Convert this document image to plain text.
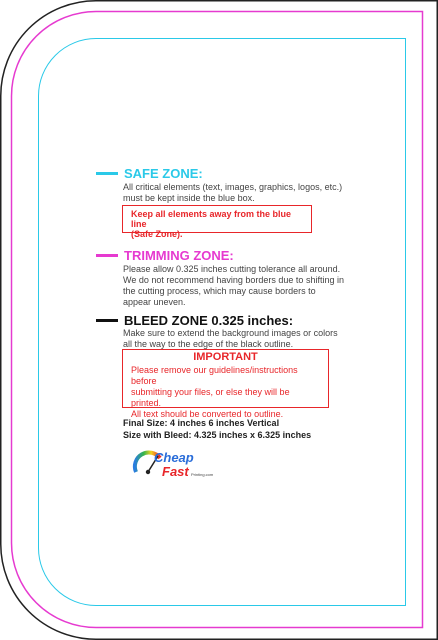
SAFE ZONE:
All critical elements (text, images, graphics, logos, etc.)
must be kept inside the blue box.
Keep all elements away from the blue line
(Safe Zone).
TRIMMING ZONE:
Please allow 0.325 inches cutting tolerance all around.
We do not recommend having borders due to shifting in
the cutting process, which may cause borders to
appear uneven.
BLEED ZONE 0.325 inches:
Make sure to extend the background images or colors
all the way to the edge of the black outline.
IMPORTANT
Please remove our guidelines/instructions before
submitting your files, or else they will be printed.
All text should be converted to outline.
Final Size: 4 inches 6 inches Vertical
Size with Bleed: 4.325 inches x 6.325 inches
Cheap
Fast Printing.com
